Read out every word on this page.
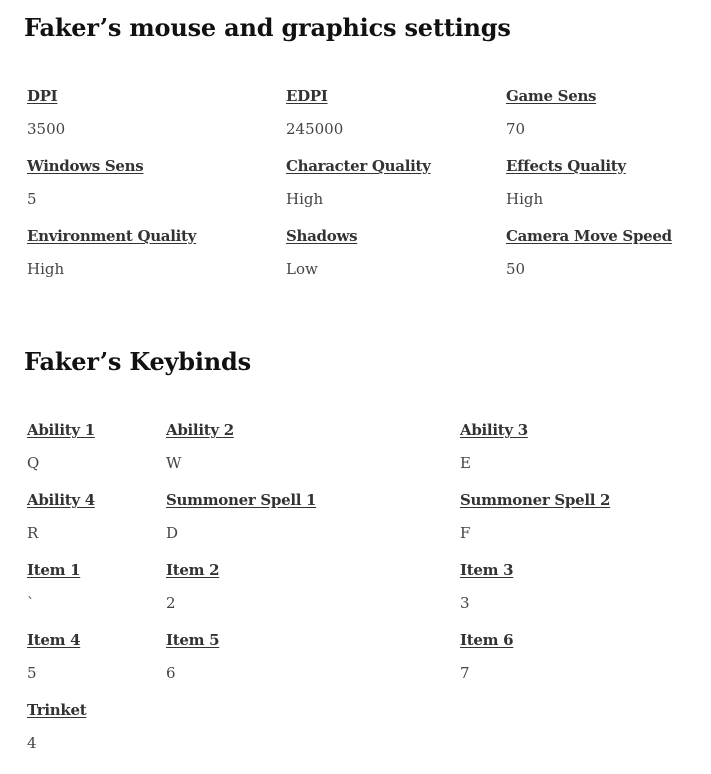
Faker’s mouse and graphics settings
DPI
3500
EDPI
245000
Game Sens
70
Windows Sens
5
Character Quality
High
Effects Quality
High
Environment Quality
High
Shadows
Low
Camera Move Speed
50
Faker’s Keybinds
Ability 1
Q
Ability 2
W
Ability 3
E
Ability 4
R
Summoner Spell 1
D
Summoner Spell 2
F
Item 1
`
Item 2
2
Item 3
3
Item 4
5
Item 5
6
Item 6
7
Trinket
4
